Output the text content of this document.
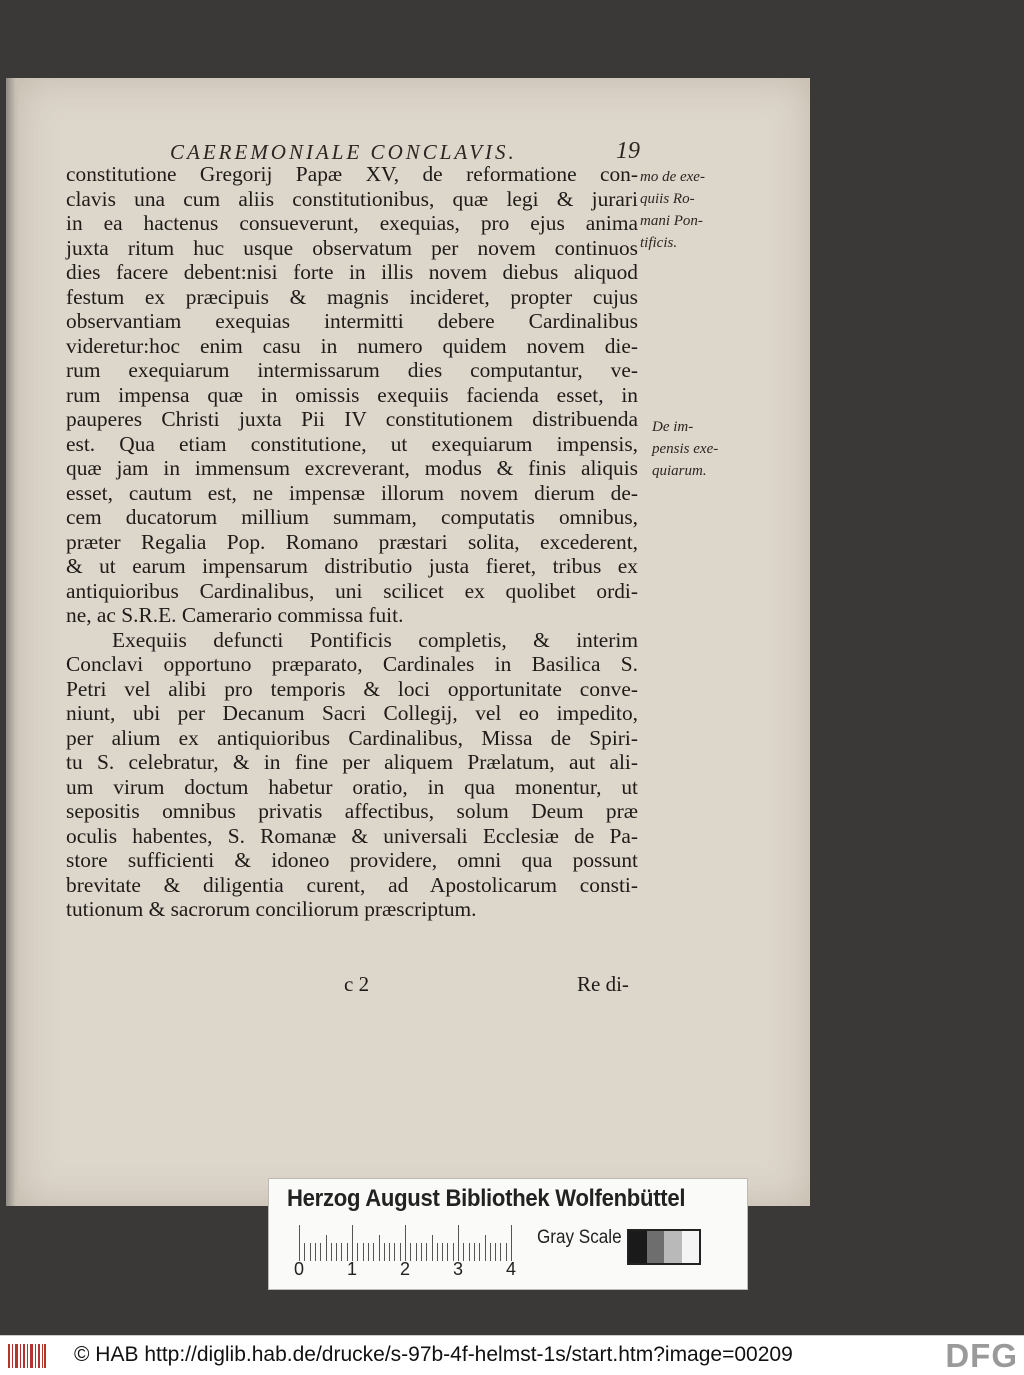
CAEREMONIALE CONCLAVIS.	19
constitutione Gregorij Papæ XV, de reformatione con-
clavis una cum aliis constitutionibus, quæ legi & jurari
in ea hactenus consueverunt, exequias, pro ejus anima
juxta ritum huc usque observatum per novem continuos
dies facere debent:nisi forte in illis novem diebus aliquod
festum ex præcipuis & magnis incideret, propter cujus
observantiam exequias intermitti debere Cardinalibus
videretur:hoc enim casu in numero quidem novem die-
rum exequiarum intermissarum dies computantur, ve-
rum impensa quæ in omissis exequiis facienda esset, in
pauperes Christi juxta Pii IV constitutionem distribuenda
est. Qua etiam constitutione, ut exequiarum impensis,
quæ jam in immensum excreverant, modus & finis aliquis
esset, cautum est, ne impensæ illorum novem dierum de-
cem ducatorum millium summam, computatis omnibus,
præter Regalia Pop. Romano præstari solita, excederent,
& ut earum impensarum distributio justa fieret, tribus ex
antiquioribus Cardinalibus, uni scilicet ex quolibet ordi-
ne, ac S.R.E. Camerario commissa fuit.
Exequiis defuncti Pontificis completis, & interim
Conclavi opportuno præparato, Cardinales in Basilica S.
Petri vel alibi pro temporis & loci opportunitate conve-
niunt, ubi per Decanum Sacri Collegij, vel eo impedito,
per alium ex antiquioribus Cardinalibus, Missa de Spiri-
tu S. celebratur, & in fine per aliquem Prælatum, aut ali-
um virum doctum habetur oratio, in qua monentur, ut
sepositis omnibus privatis affectibus, solum Deum præ
oculis habentes, S. Romanæ & universali Ecclesiæ de Pa-
store sufficienti & idoneo providere, omni qua possunt
brevitate & diligentia curent, ad Apostolicarum consti-
tutionum & sacrorum conciliorum præscriptum.
mo de exe-
quiis Ro-
mani Pon-
tificis.
De im-
pensis exe-
quiarum.
c 2	Re di-
Herzog August Bibliothek Wolfenbüttel
0 1 2 3 4
Gray Scale
© HAB http://diglib.hab.de/drucke/s-97b-4f-helmst-1s/start.htm?image=00209	DFG
